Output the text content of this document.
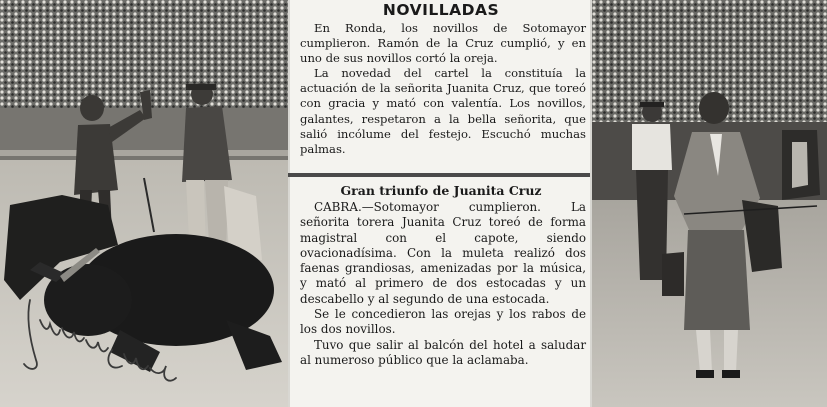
NOVILLADAS

En Ronda, los novillos de Sotomayor cumplieron. Ramón de la Cruz cumplió, y en uno de sus novillos cortó la oreja.

La novedad del cartel la constituía la actuación de la señorita Juanita Cruz, que toreó con gracia y mató con valentía. Los novillos, galantes, respetaron a la bella señorita, que salió incólume del festejo. Escuchó muchas palmas.

Gran triunfo de Juanita Cruz

CABRA.—Sotomayor cumplieron. La señorita torera Juanita Cruz toreó de forma magistral con el capote, siendo ovacionadísima. Con la muleta realizó dos faenas grandiosas, amenizadas por la música, y mató al primero de dos estocadas y un descabello y al segundo de una estocada.

Se le concedieron las orejas y los rabos de los dos novillos.

Tuvo que salir al balcón del hotel a saludar al numeroso público que la aclamaba.
